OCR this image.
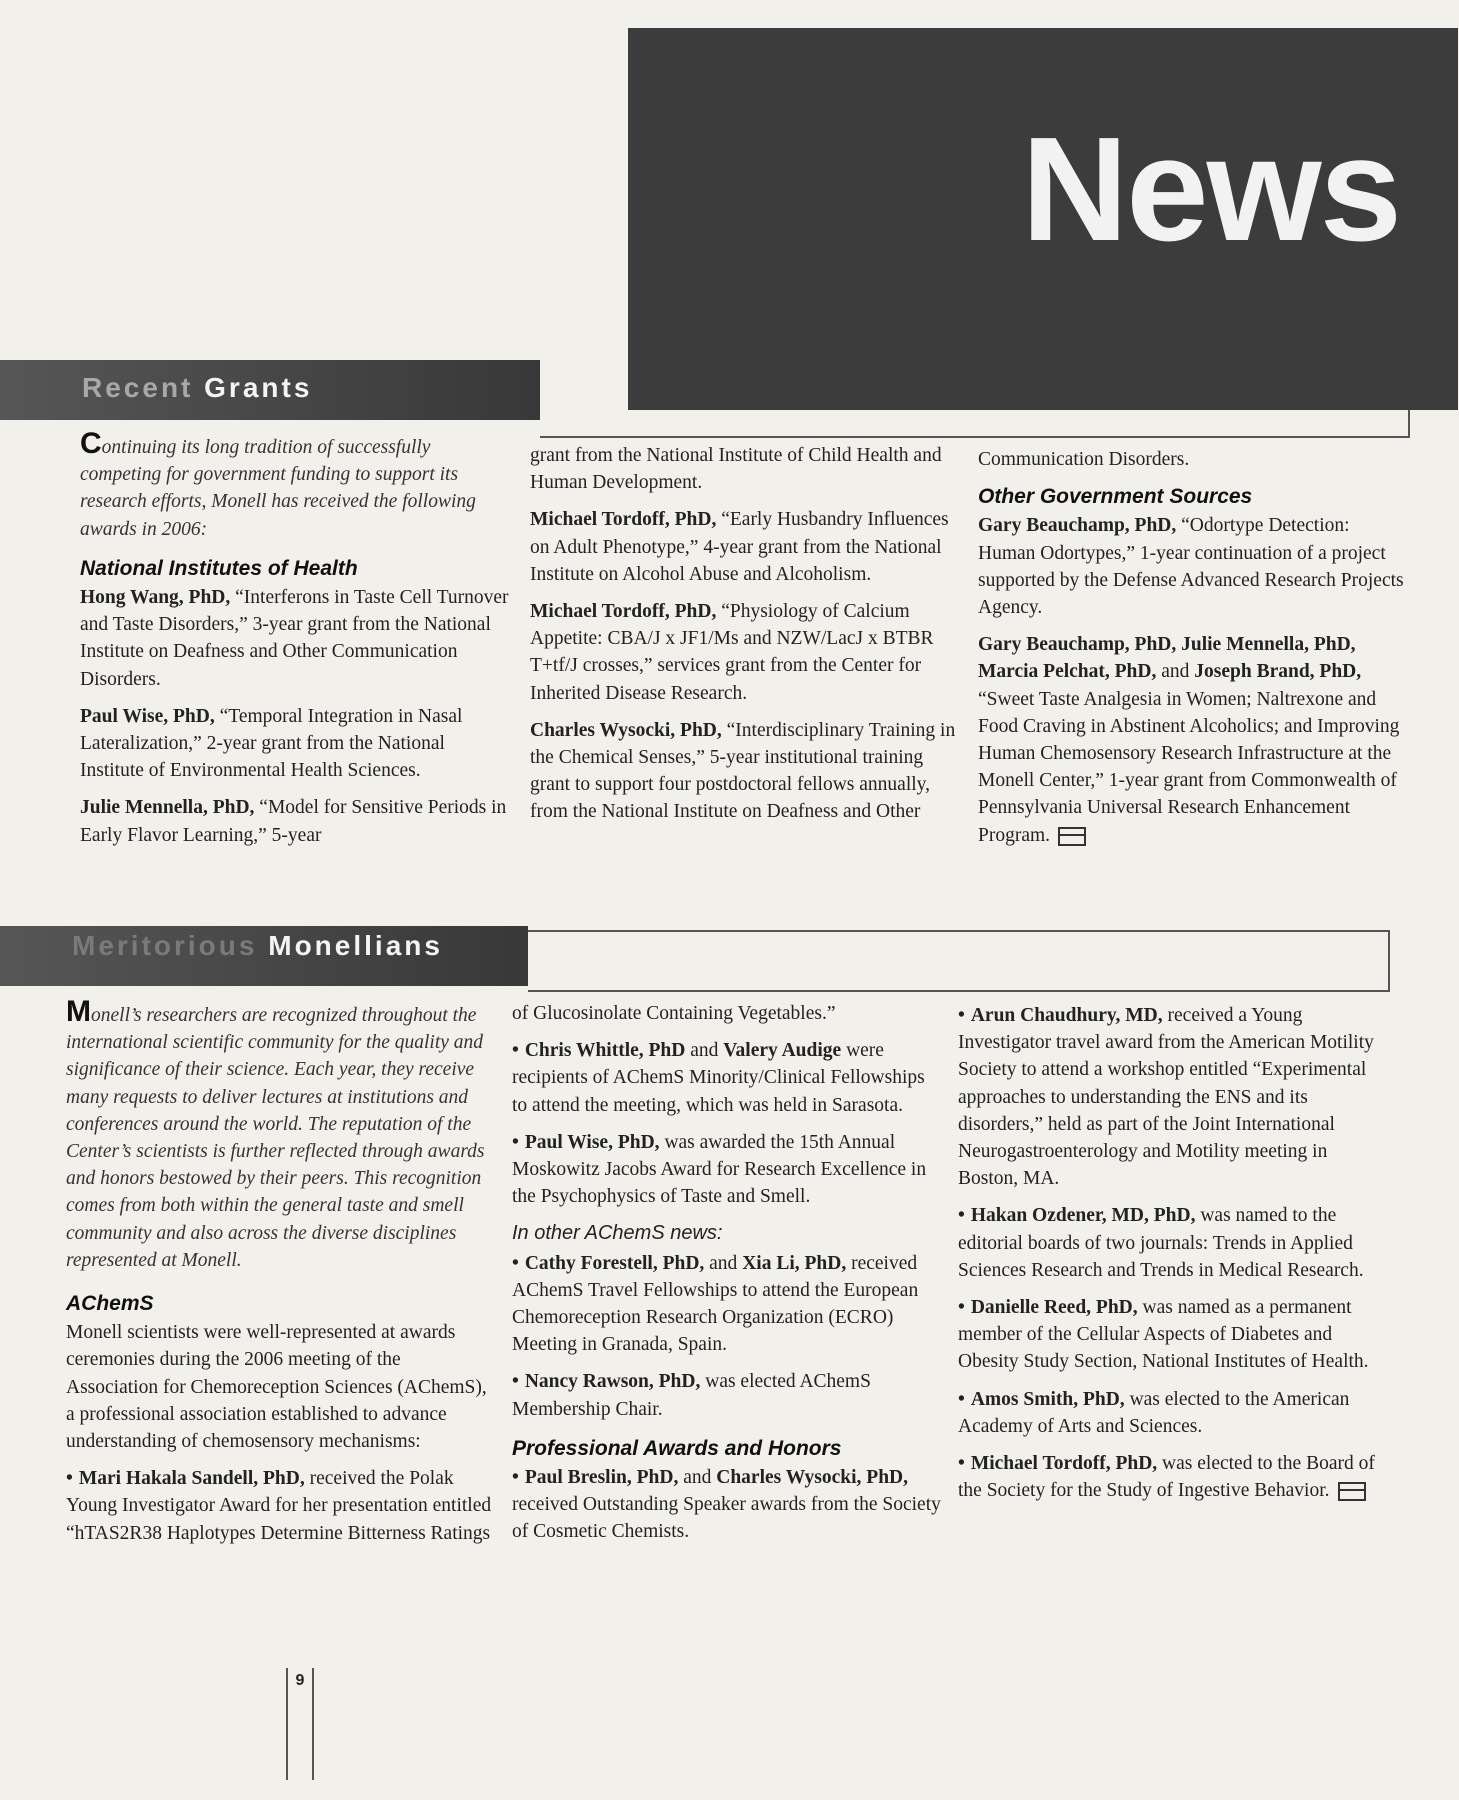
News
Recent Grants

Continuing its long tradition of successfully competing for government funding to support its research efforts, Monell has received the following awards in 2006:

National Institutes of Health

Hong Wang, PhD, “Interferons in Taste Cell Turnover and Taste Disorders,” 3-year grant from the National Institute on Deafness and Other Communication Disorders.

Paul Wise, PhD, “Temporal Integration in Nasal Lateralization,” 2-year grant from the National Institute of Environmental Health Sciences.

Julie Mennella, PhD, “Model for Sensitive Periods in Early Flavor Learning,” 5-year

grant from the National Institute of Child Health and Human Development.

Michael Tordoff, PhD, “Early Husbandry Influences on Adult Phenotype,” 4-year grant from the National Institute on Alcohol Abuse and Alcoholism.

Michael Tordoff, PhD, “Physiology of Calcium Appetite: CBA/J x JF1/Ms and NZW/LacJ x BTBR T+tf/J crosses,” services grant from the Center for Inherited Disease Research.

Charles Wysocki, PhD, “Interdisciplinary Training in the Chemical Senses,” 5-year institutional training grant to support four postdoctoral fellows annually, from the National Institute on Deafness and Other

Communication Disorders.

Other Government Sources

Gary Beauchamp, PhD, “Odortype Detection: Human Odortypes,” 1-year continuation of a project supported by the Defense Advanced Research Projects Agency.

Gary Beauchamp, PhD, Julie Mennella, PhD, Marcia Pelchat, PhD, and Joseph Brand, PhD, “Sweet Taste Analgesia in Women; Naltrexone and Food Craving in Abstinent Alcoholics; and Improving Human Chemosensory Research Infrastructure at the Monell Center,” 1-year grant from Commonwealth of Pennsylvania Universal Research Enhancement Program.

Meritorious Monellians

Monell’s researchers are recognized throughout the international scientific community for the quality and significance of their science. Each year, they receive many requests to deliver lectures at institutions and conferences around the world. The reputation of the Center’s scientists is further reflected through awards and honors bestowed by their peers. This recognition comes from both within the general taste and smell community and also across the diverse disciplines represented at Monell.

AChemS

Monell scientists were well-represented at awards ceremonies during the 2006 meeting of the Association for Chemoreception Sciences (AChemS), a professional association established to advance understanding of chemosensory mechanisms:

• Mari Hakala Sandell, PhD, received the Polak Young Investigator Award for her presentation entitled “hTAS2R38 Haplotypes Determine Bitterness Ratings

of Glucosinolate Containing Vegetables.”

• Chris Whittle, PhD and Valery Audige were recipients of AChemS Minority/Clinical Fellowships to attend the meeting, which was held in Sarasota.

• Paul Wise, PhD, was awarded the 15th Annual Moskowitz Jacobs Award for Research Excellence in the Psychophysics of Taste and Smell.

In other AChemS news:

• Cathy Forestell, PhD, and Xia Li, PhD, received AChemS Travel Fellowships to attend the European Chemoreception Research Organization (ECRO) Meeting in Granada, Spain.

• Nancy Rawson, PhD, was elected AChemS Membership Chair.

Professional Awards and Honors

• Paul Breslin, PhD, and Charles Wysocki, PhD, received Outstanding Speaker awards from the Society of Cosmetic Chemists.

• Arun Chaudhury, MD, received a Young Investigator travel award from the American Motility Society to attend a workshop entitled “Experimental approaches to understanding the ENS and its disorders,” held as part of the Joint International Neurogastroenterology and Motility meeting in Boston, MA.

• Hakan Ozdener, MD, PhD, was named to the editorial boards of two journals: Trends in Applied Sciences Research and Trends in Medical Research.

• Danielle Reed, PhD, was named as a permanent member of the Cellular Aspects of Diabetes and Obesity Study Section, National Institutes of Health.

• Amos Smith, PhD, was elected to the American Academy of Arts and Sciences.

• Michael Tordoff, PhD, was elected to the Board of the Society for the Study of Ingestive Behavior.

9
